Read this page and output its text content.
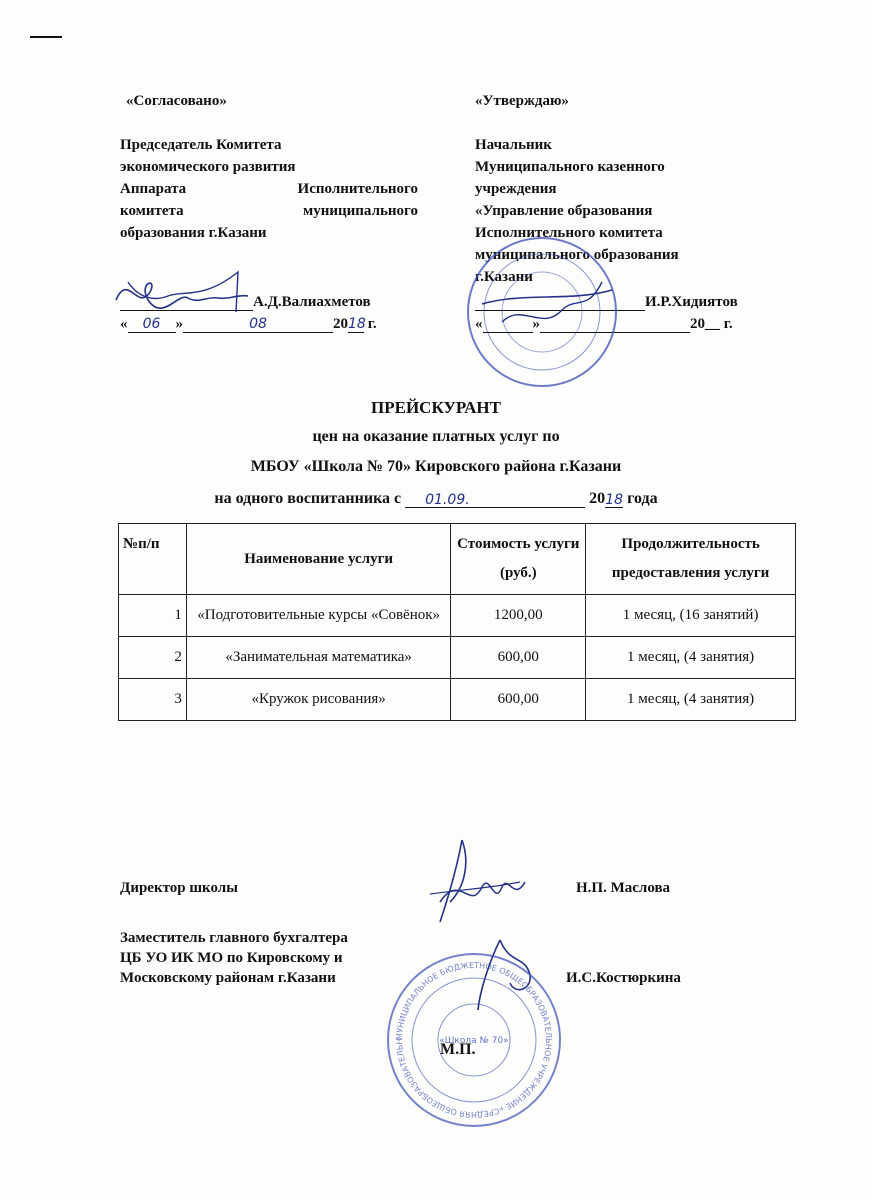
«Согласовано»
Председатель Комитета
экономического развития
Аппарата Исполнительного
комитета муниципального
образования г.Казани
А.Д.Валиахметов
« 06 »	08	2018 г.
«Утверждаю»
Начальник
Муниципального казенного
учреждения
«Управление образования
Исполнительного комитета
муниципального образования
г.Казани
И.Р.Хидиятов
«	»	20__ г.
ПРЕЙСКУРАНТ
цен на оказание платных услуг по
МБОУ «Школа № 70» Кировского района г.Казани
на одного воспитанника с 01.09.	2018 года
№п/п	Наименование услуги	Стоимость услуги (руб.)	Продолжительность предоставления услуги
1	«Подготовительные курсы «Совёнок»	1200,00	1 месяц, (16 занятий)
2	«Занимательная математика»	600,00	1 месяц, (4 занятия)
3	«Кружок рисования»	600,00	1 месяц, (4 занятия)
Директор школы	Н.П. Маслова
Заместитель главного бухгалтера
ЦБ УО ИК МО по Кировскому и
Московскому районам г.Казани	И.С.Костюркина
МУНИЦИПАЛЬНОЕ БЮДЖЕТНОЕ ОБЩЕОБРАЗОВАТЕЛЬНОЕ УЧРЕЖДЕНИЕ «СРЕДНЯЯ ОБЩЕОБРАЗОВАТЕЛЬНАЯ ШКОЛА № 70»
«Школа № 70»
М.П.
